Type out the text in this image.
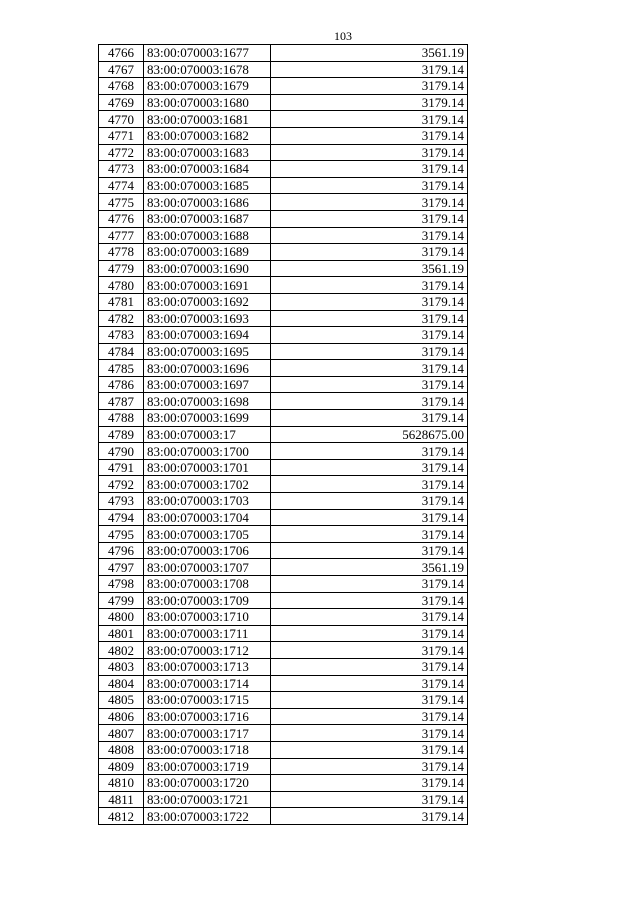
103
4766	83:00:070003:1677	3561.19
4767	83:00:070003:1678	3179.14
4768	83:00:070003:1679	3179.14
4769	83:00:070003:1680	3179.14
4770	83:00:070003:1681	3179.14
4771	83:00:070003:1682	3179.14
4772	83:00:070003:1683	3179.14
4773	83:00:070003:1684	3179.14
4774	83:00:070003:1685	3179.14
4775	83:00:070003:1686	3179.14
4776	83:00:070003:1687	3179.14
4777	83:00:070003:1688	3179.14
4778	83:00:070003:1689	3179.14
4779	83:00:070003:1690	3561.19
4780	83:00:070003:1691	3179.14
4781	83:00:070003:1692	3179.14
4782	83:00:070003:1693	3179.14
4783	83:00:070003:1694	3179.14
4784	83:00:070003:1695	3179.14
4785	83:00:070003:1696	3179.14
4786	83:00:070003:1697	3179.14
4787	83:00:070003:1698	3179.14
4788	83:00:070003:1699	3179.14
4789	83:00:070003:17	5628675.00
4790	83:00:070003:1700	3179.14
4791	83:00:070003:1701	3179.14
4792	83:00:070003:1702	3179.14
4793	83:00:070003:1703	3179.14
4794	83:00:070003:1704	3179.14
4795	83:00:070003:1705	3179.14
4796	83:00:070003:1706	3179.14
4797	83:00:070003:1707	3561.19
4798	83:00:070003:1708	3179.14
4799	83:00:070003:1709	3179.14
4800	83:00:070003:1710	3179.14
4801	83:00:070003:1711	3179.14
4802	83:00:070003:1712	3179.14
4803	83:00:070003:1713	3179.14
4804	83:00:070003:1714	3179.14
4805	83:00:070003:1715	3179.14
4806	83:00:070003:1716	3179.14
4807	83:00:070003:1717	3179.14
4808	83:00:070003:1718	3179.14
4809	83:00:070003:1719	3179.14
4810	83:00:070003:1720	3179.14
4811	83:00:070003:1721	3179.14
4812	83:00:070003:1722	3179.14
